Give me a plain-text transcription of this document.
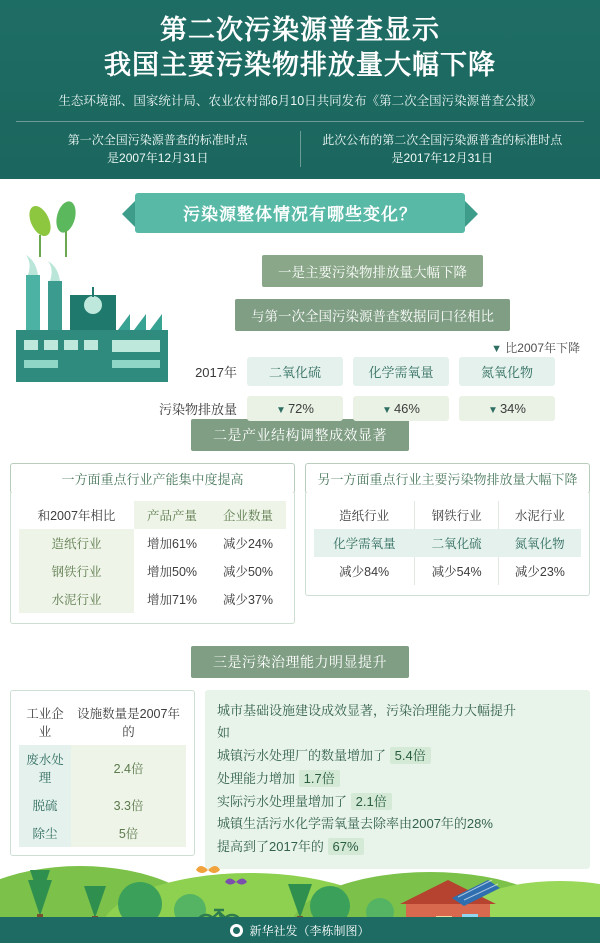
第二次污染源普查显示
我国主要污染物排放量大幅下降
生态环境部、国家统计局、农业农村部6月10日共同发布《第二次全国污染源普查公报》
第一次全国污染源普查的标准时点
是2007年12月31日
此次公布的第二次全国污染源普查的标准时点
是2017年12月31日
污染源整体情况有哪些变化？
一是主要污染物排放量大幅下降
与第一次全国污染源普查数据同口径相比
▼ 比2007年下降
2017年	二氧化硫	化学需氧量	氮氧化物
污染物排放量	▼ 72%	▼ 46%	▼ 34%
二是产业结构调整成效显著
一方面重点行业产能集中度提高
和2007年相比	产品产量	企业数量
造纸行业	增加61%	减少24%
钢铁行业	增加50%	减少50%
水泥行业	增加71%	减少37%
另一方面重点行业主要污染物排放量大幅下降
造纸行业	钢铁行业	水泥行业
化学需氧量	二氧化硫	氮氧化物
减少84%	减少54%	减少23%
三是污染治理能力明显提升
工业企业	设施数量是2007年的
废水处理	2.4倍
脱硫	3.3倍
除尘	5倍
城市基础设施建设成效显著，污染治理能力大幅提升
如
城镇污水处理厂的数量增加了 5.4倍
处理能力增加 1.7倍
实际污水处理量增加了 2.1倍
城镇生活污水化学需氧量去除率由2007年的28%
提高到了2017年的 67%
新华社发（李栋制图）
